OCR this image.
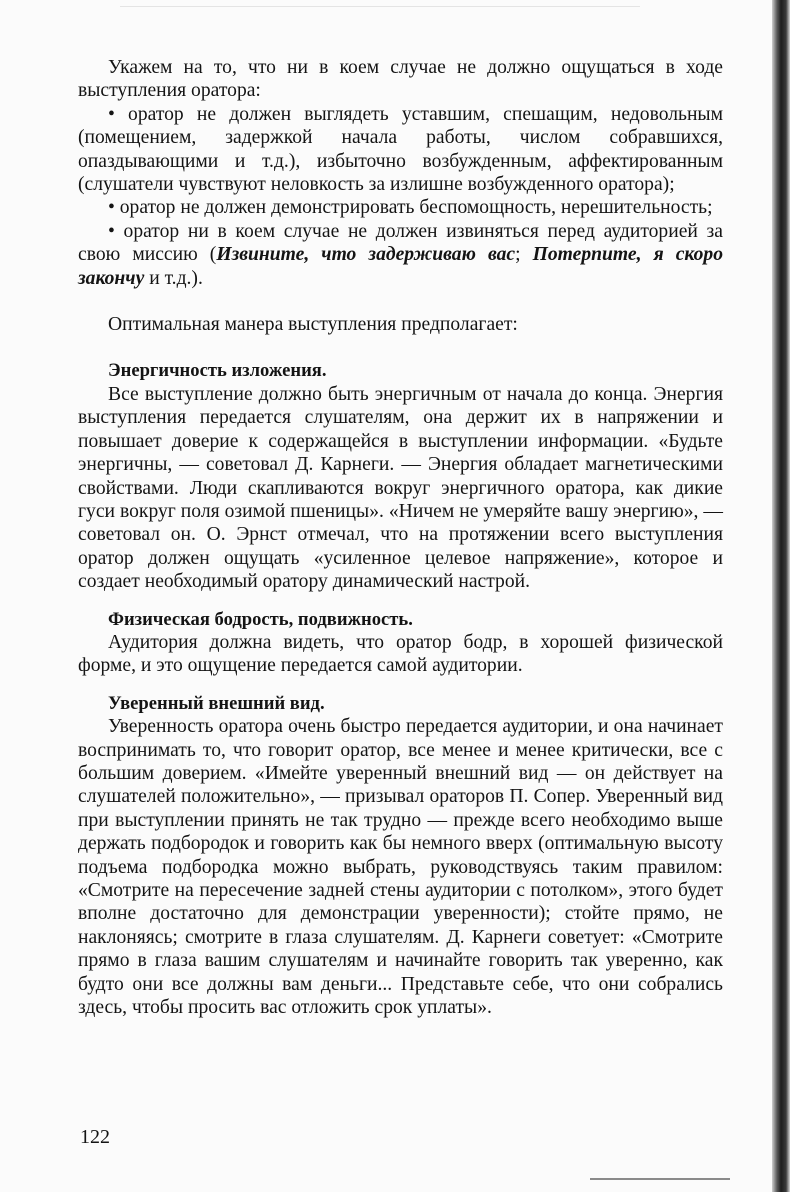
Укажем на то, что ни в коем случае не должно ощущаться в ходе выступления оратора:

• оратор не должен выглядеть уставшим, спешащим, недовольным (помещением, задержкой начала работы, числом собравшихся, опаздывающими и т.д.), избыточно возбужденным, аффектированным (слушатели чувствуют неловкость за излишне возбужденного оратора);

• оратор не должен демонстрировать беспомощность, нерешительность;

• оратор ни в коем случае не должен извиняться перед аудиторией за свою миссию (Извините, что задерживаю вас; Потерпите, я скоро закончу и т.д.).

Оптимальная манера выступления предполагает:

Энергичность изложения.

Все выступление должно быть энергичным от начала до конца. Энергия выступления передается слушателям, она держит их в напряжении и повышает доверие к содержащейся в выступлении информации. «Будьте энергичны, — советовал Д. Карнеги. — Энергия обладает магнетическими свойствами. Люди скапливаются вокруг энергичного оратора, как дикие гуси вокруг поля озимой пшеницы». «Ничем не умеряйте вашу энергию», — советовал он. О. Эрнст отмечал, что на протяжении всего выступления оратор должен ощущать «усиленное целевое напряжение», которое и создает необходимый оратору динамический настрой.

Физическая бодрость, подвижность.

Аудитория должна видеть, что оратор бодр, в хорошей физической форме, и это ощущение передается самой аудитории.

Уверенный внешний вид.

Уверенность оратора очень быстро передается аудитории, и она начинает воспринимать то, что говорит оратор, все менее и менее критически, все с большим доверием. «Имейте уверенный внешний вид — он действует на слушателей положительно», — призывал ораторов П. Сопер. Уверенный вид при выступлении принять не так трудно — прежде всего необходимо выше держать подбородок и говорить как бы немного вверх (оптимальную высоту подъема подбородка можно выбрать, руководствуясь таким правилом: «Смотрите на пересечение задней стены аудитории с потолком», этого будет вполне достаточно для демонстрации уверенности); стойте прямо, не наклоняясь; смотрите в глаза слушателям. Д. Карнеги советует: «Смотрите прямо в глаза вашим слушателям и начинайте говорить так уверенно, как будто они все должны вам деньги... Представьте себе, что они собрались здесь, чтобы просить вас отложить срок уплаты».

122
